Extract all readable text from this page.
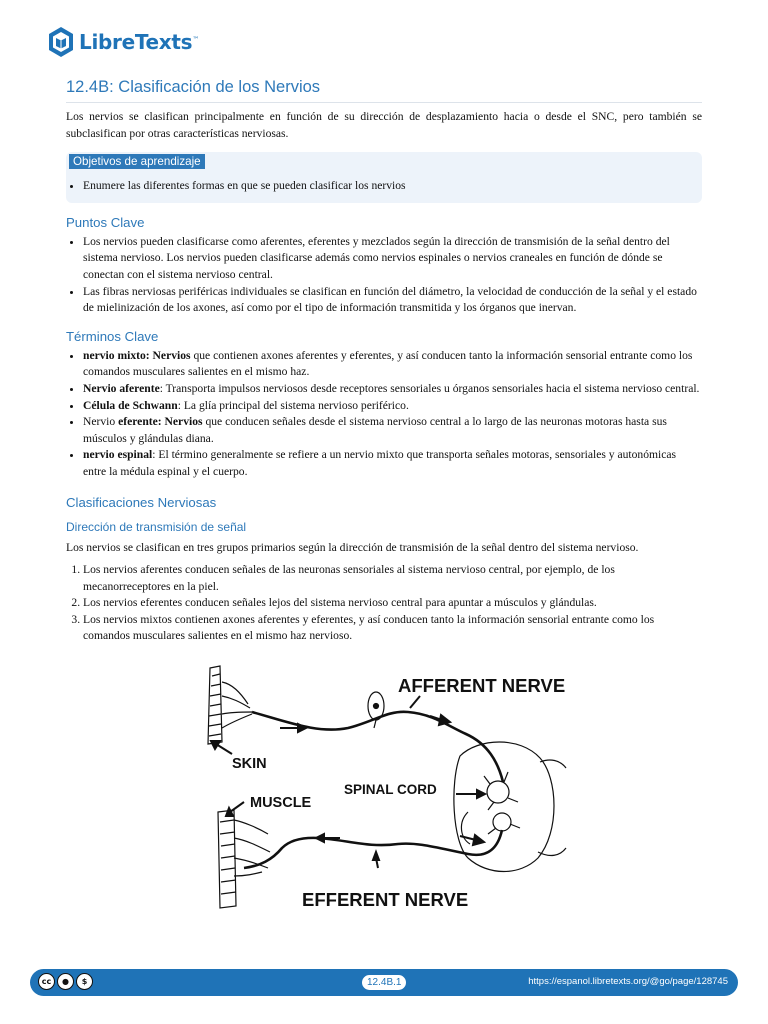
LibreTexts™
12.4B: Clasificación de los Nervios

Los nervios se clasifican principalmente en función de su dirección de desplazamiento hacia o desde el SNC, pero también se subclasifican por otras características nerviosas.

Objetivos de aprendizaje
• Enumere las diferentes formas en que se pueden clasificar los nervios
Puntos Clave
• Los nervios pueden clasificarse como aferentes, eferentes y mezclados según la dirección de transmisión de la señal dentro del sistema nervioso. Los nervios pueden clasificarse además como nervios espinales o nervios craneales en función de dónde se conectan con el sistema nervioso central.
• Las fibras nerviosas periféricas individuales se clasifican en función del diámetro, la velocidad de conducción de la señal y el estado de mielinización de los axones, así como por el tipo de información transmitida y los órganos que inervan.
Términos Clave
• nervio mixto: Nervios que contienen axones aferentes y eferentes, y así conducen tanto la información sensorial entrante como los comandos musculares salientes en el mismo haz.
• Nervio aferente: Transporta impulsos nerviosos desde receptores sensoriales u órganos sensoriales hacia el sistema nervioso central.
• Célula de Schwann: La glía principal del sistema nervioso periférico.
• Nervio eferente: Nervios que conducen señales desde el sistema nervioso central a lo largo de las neuronas motoras hasta sus músculos y glándulas diana.
• nervio espinal: El término generalmente se refiere a un nervio mixto que transporta señales motoras, sensoriales y autonómicas entre la médula espinal y el cuerpo.
Clasificaciones Nerviosas
Dirección de transmisión de señal

Los nervios se clasifican en tres grupos primarios según la dirección de transmisión de la señal dentro del sistema nervioso.

1. Los nervios aferentes conducen señales de las neuronas sensoriales al sistema nervioso central, por ejemplo, de los mecanorreceptores en la piel.
2. Los nervios eferentes conducen señales lejos del sistema nervioso central para apuntar a músculos y glándulas.
3. Los nervios mixtos contienen axones aferentes y eferentes, y así conducen tanto la información sensorial entrante como los comandos musculares salientes en el mismo haz nervioso.
AFFERENT NERVE
SKIN
SPINAL CORD
MUSCLE
EFFERENT NERVE
cc	●	$	12.4B.1	https://espanol.libretexts.org/@go/page/128745
